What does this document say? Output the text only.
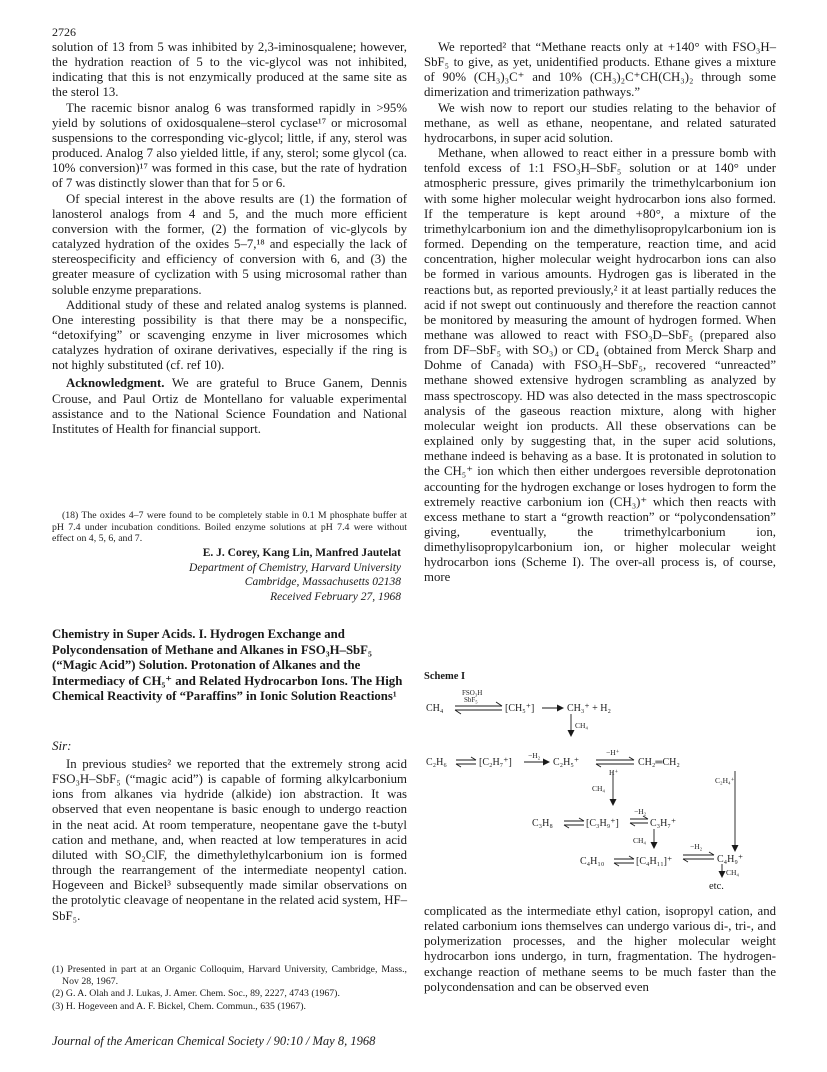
2726

solution of 13 from 5 was inhibited by 2,3-iminosqualene; however, the hydration reaction of 5 to the vic-glycol was not inhibited, indicating that this is not enzymically produced at the same site as the sterol 13.

The racemic bisnor analog 6 was transformed rapidly in >95% yield by solutions of oxidosqualene–sterol cyclase¹⁷ or microsomal suspensions to the corresponding vic-glycol; little, if any, sterol was produced. Analog 7 also yielded little, if any, sterol; some glycol (ca. 10% conversion)¹⁷ was formed in this case, but the rate of hydration of 7 was distinctly slower than that for 5 or 6.

Of special interest in the above results are (1) the formation of lanosterol analogs from 4 and 5, and the much more efficient conversion with the former, (2) the formation of vic-glycols by catalyzed hydration of the oxides 5–7,¹⁸ and especially the lack of stereospecificity and efficiency of conversion with 6, and (3) the greater measure of cyclization with 5 using microsomal rather than soluble enzyme preparations.

Additional study of these and related analog systems is planned. One interesting possibility is that there may be a nonspecific, “detoxifying” or scavenging enzyme in liver microsomes which catalyzes hydration of oxirane derivatives, especially if the ring is not highly substituted (cf. ref 10).

Acknowledgment. We are grateful to Bruce Ganem, Dennis Crouse, and Paul Ortiz de Montellano for valuable experimental assistance and to the National Science Foundation and National Institutes of Health for financial support.

(18) The oxides 4–7 were found to be completely stable in 0.1 M phosphate buffer at pH 7.4 under incubation conditions. Boiled enzyme solutions at pH 7.4 were without effect on 4, 5, 6, and 7.

E. J. Corey, Kang Lin, Manfred Jautelat
Department of Chemistry, Harvard University
Cambridge, Massachusetts 02138
Received February 27, 1968
Chemistry in Super Acids. I. Hydrogen Exchange and Polycondensation of Methane and Alkanes in FSO₃H–SbF₅ (“Magic Acid”) Solution. Protonation of Alkanes and the Intermediacy of CH₅⁺ and Related Hydrocarbon Ions. The High Chemical Reactivity of “Paraffins” in Ionic Solution Reactions¹
Sir:

In previous studies² we reported that the extremely strong acid FSO₃H–SbF₅ (“magic acid”) is capable of forming alkylcarbonium ions from alkanes via hydride (alkide) ion abstraction. It was observed that even neopentane is basic enough to undergo reaction in the neat acid. At room temperature, neopentane gave the t-butyl cation and methane, and, when reacted at low temperatures in acid diluted with SO₂ClF, the dimethylethylcarbonium ion is formed through the rearrangement of the intermediate neopentyl cation. Hogeveen and Bickel³ subsequently made similar observations on the protolytic cleavage of neopentane in the related acid system, HF–SbF₅.

(1) Presented in part at an Organic Colloquim, Harvard University, Cambridge, Mass., Nov 28, 1967.

(2) G. A. Olah and J. Lukas, J. Amer. Chem. Soc., 89, 2227, 4743 (1967).

(3) H. Hogeveen and A. F. Bickel, Chem. Commun., 635 (1967).

We reported² that “Methane reacts only at +140° with FSO₃H–SbF₅ to give, as yet, unidentified products. Ethane gives a mixture of 90% (CH₃)₃C⁺ and 10% (CH₃)₂C⁺CH(CH₃)₂ through some dimerization and trimerization pathways.”

We wish now to report our studies relating to the behavior of methane, as well as ethane, neopentane, and related saturated hydrocarbons, in super acid solution.

Methane, when allowed to react either in a pressure bomb with tenfold excess of 1:1 FSO₃H–SbF₅ solution or at 140° under atmospheric pressure, gives primarily the trimethylcarbonium ion with some higher molecular weight hydrocarbon ions also formed. If the temperature is kept around +80°, a mixture of the trimethylcarbonium ion and the dimethylisopropylcarbonium ion is formed. Depending on the temperature, reaction time, and acid concentration, higher molecular weight hydrocarbon ions can also be formed in various amounts. Hydrogen gas is liberated in the reactions but, as reported previously,² it at least partially reduces the acid if not swept out continuously and therefore the reaction cannot be monitored by measuring the amount of hydrogen formed. When methane was allowed to react with FSO₃D–SbF₅ (prepared also from DF–SbF₅ with SO₃) or CD₄ (obtained from Merck Sharp and Dohme of Canada) with FSO₃H–SbF₅, recovered “unreacted” methane showed extensive hydrogen scrambling as analyzed by mass spectroscopy. HD was also detected in the mass spectroscopic analysis of the gaseous reaction mixture, along with higher molecular weight ion products. All these observations can be explained only by suggesting that, in the super acid solutions, methane indeed is behaving as a base. It is protonated in solution to the CH₅⁺ ion which then either undergoes reversible deprotonation accounting for the hydrogen exchange or loses hydrogen to form the extremely reactive carbonium ion (CH₃)⁺ which then reacts with excess methane to start a “growth reaction” or “polycondensation” giving, eventually, the trimethylcarbonium ion, dimethylisopropylcarbonium ion, or higher molecular weight hydrocarbon ions (Scheme I). The over-all process is, of course, more

Scheme I
FSO₃H
SbF₅
CH₄	[CH₅⁺]	CH₃⁺ + H₂
CH₄
C₂H₆	[C₂H₇⁺]
−H₂
C₂H₅⁺
−H⁺
H⁺
CH₂═CH₂
CH₄
C₂H₄⁺
C₃H₈	[C₃H₉⁺]
−H₂
C₃H₇⁺
CH₄
C₄H₁₀	[C₄H₁₁]⁺
−H₂
C₄H₉⁺
CH₄
etc.

complicated as the intermediate ethyl cation, isopropyl cation, and related carbonium ions themselves can undergo various di-, tri-, and polymerization processes, and the higher molecular weight hydrocarbon ions undergo, in turn, fragmentation. The hydrogen-exchange reaction of methane seems to be much faster than the polycondensation and can be observed even

Journal of the American Chemical Society / 90:10 / May 8, 1968
